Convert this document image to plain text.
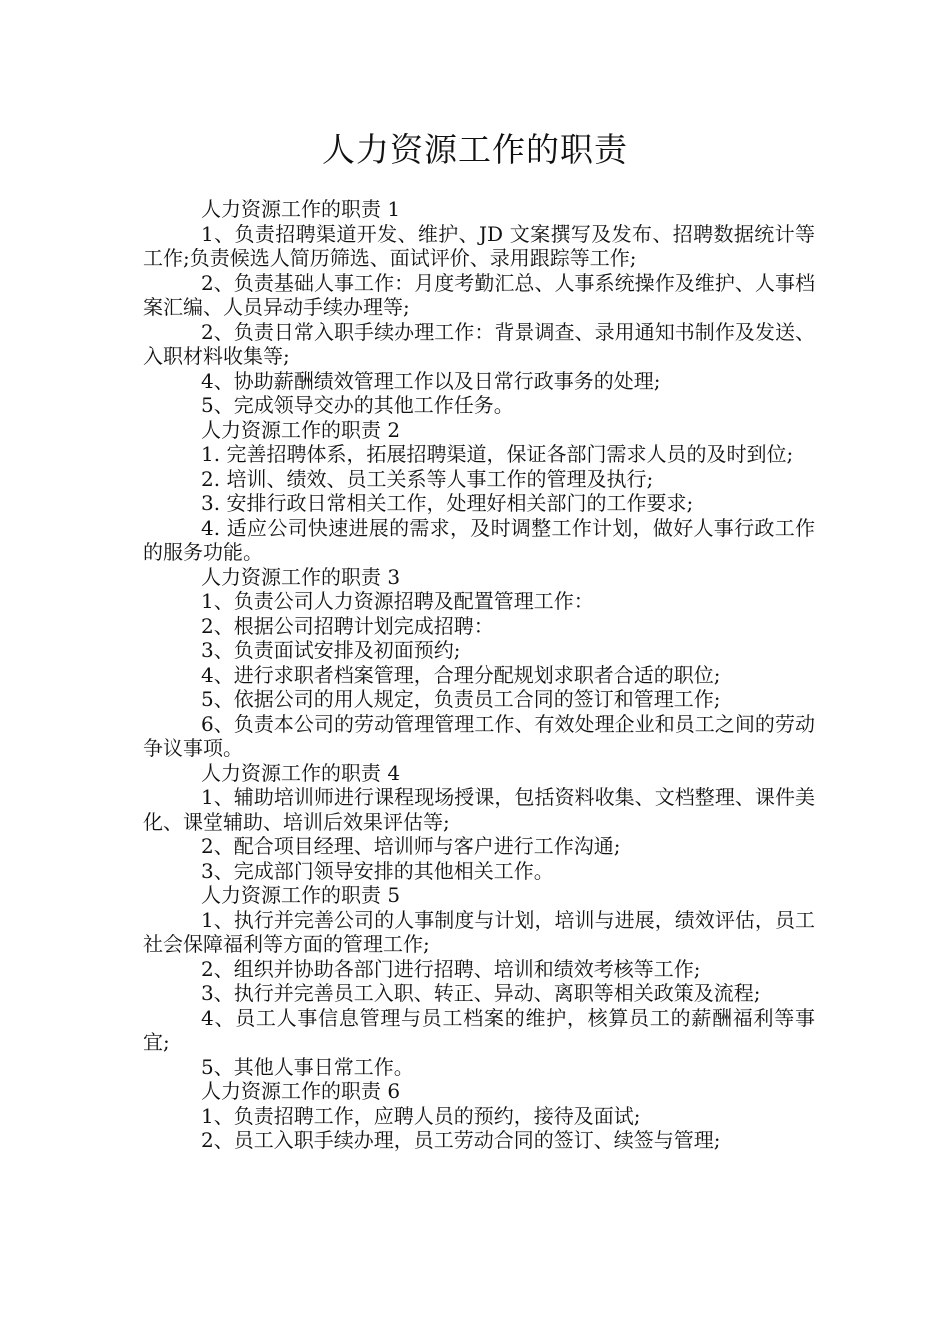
人力资源工作的职责

人力资源工作的职责 1

1、负责招聘渠道开发、维护、JD 文案撰写及发布、招聘数据统计等工作;负责候选人简历筛选、面试评价、录用跟踪等工作;

2、负责基础人事工作：月度考勤汇总、人事系统操作及维护、人事档案汇编、人员异动手续办理等;

2、负责日常入职手续办理工作：背景调查、录用通知书制作及发送、入职材料收集等;

4、协助薪酬绩效管理工作以及日常行政事务的处理;

5、完成领导交办的其他工作任务。

人力资源工作的职责 2

1. 完善招聘体系，拓展招聘渠道，保证各部门需求人员的及时到位;

2. 培训、绩效、员工关系等人事工作的管理及执行;

3. 安排行政日常相关工作，处理好相关部门的工作要求;

4. 适应公司快速进展的需求，及时调整工作计划，做好人事行政工作的服务功能。

人力资源工作的职责 3

1、负责公司人力资源招聘及配置管理工作：

2、根据公司招聘计划完成招聘：

3、负责面试安排及初面预约;

4、进行求职者档案管理，合理分配规划求职者合适的职位;

5、依据公司的用人规定，负责员工合同的签订和管理工作;

6、负责本公司的劳动管理管理工作、有效处理企业和员工之间的劳动争议事项。

人力资源工作的职责 4

1、辅助培训师进行课程现场授课，包括资料收集、文档整理、课件美化、课堂辅助、培训后效果评估等;

2、配合项目经理、培训师与客户进行工作沟通;

3、完成部门领导安排的其他相关工作。

人力资源工作的职责 5

1、执行并完善公司的人事制度与计划，培训与进展，绩效评估，员工社会保障福利等方面的管理工作;

2、组织并协助各部门进行招聘、培训和绩效考核等工作;

3、执行并完善员工入职、转正、异动、离职等相关政策及流程;

4、员工人事信息管理与员工档案的维护，核算员工的薪酬福利等事宜;

5、其他人事日常工作。

人力资源工作的职责 6

1、负责招聘工作，应聘人员的预约，接待及面试;

2、员工入职手续办理，员工劳动合同的签订、续签与管理;
